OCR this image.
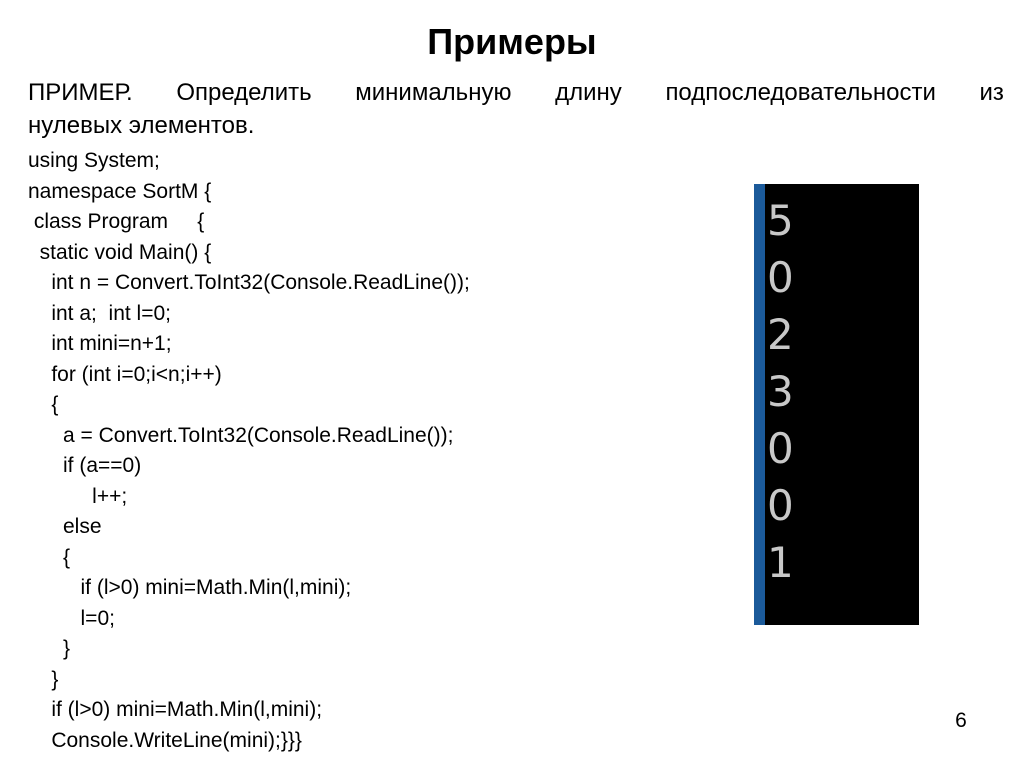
Примеры
ПРИМЕР. Определить минимальную длину подпоследовательности из
нулевых элементов.
using System;
namespace SortM {
class Program     {
static void Main() {
int n = Convert.ToInt32(Console.ReadLine());
int a;  int l=0;
int mini=n+1;
for (int i=0;i<n;i++)
{
a = Convert.ToInt32(Console.ReadLine());
if (a==0)
l++;
else
{
if (l>0) mini=Math.Min(l,mini);
l=0;
}
}
if (l>0) mini=Math.Min(l,mini);
Console.WriteLine(mini);}}}
5
0
2
3
0
0
1
6
